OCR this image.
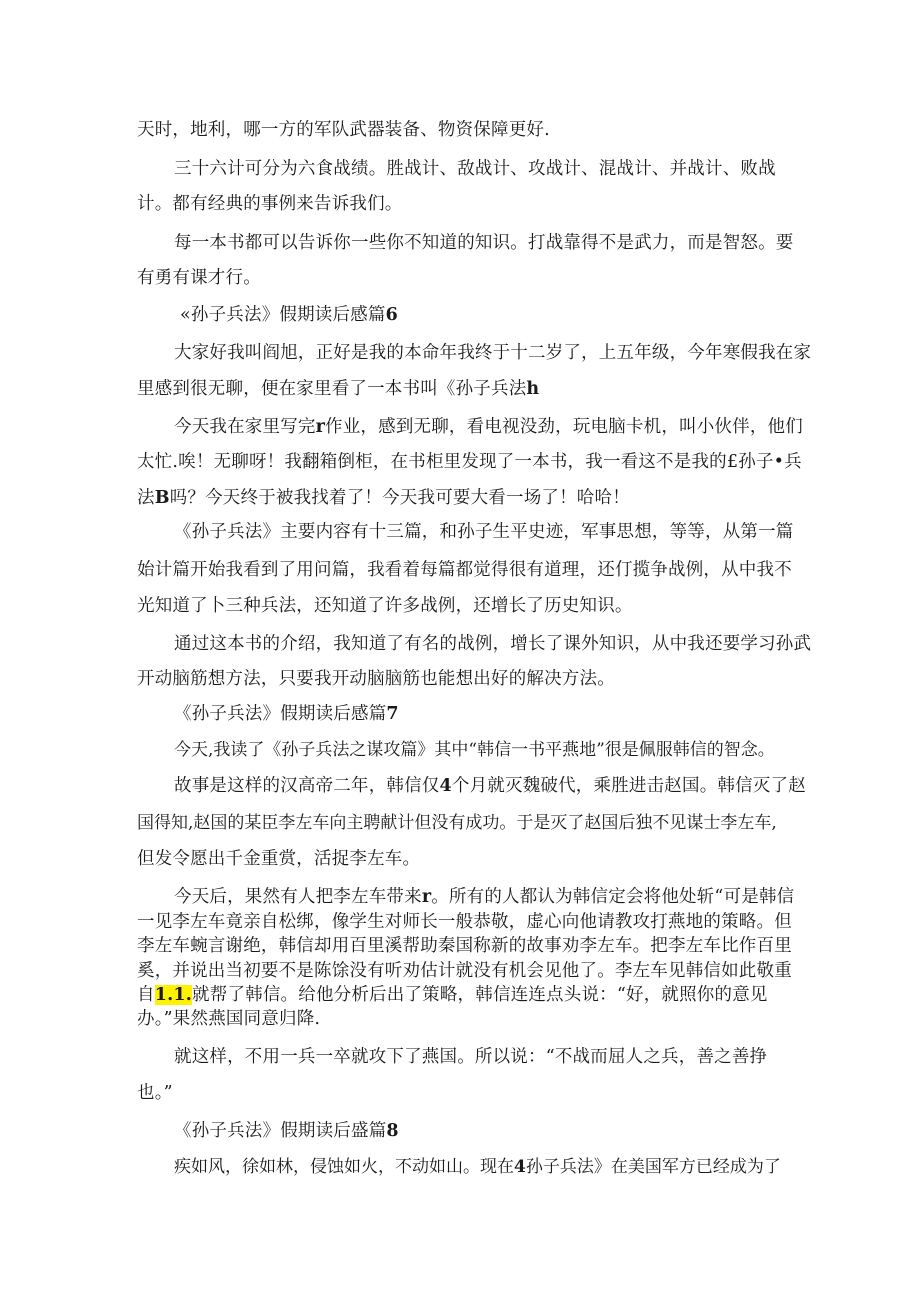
天时，地利，哪一方的军队武器装备、物资保障更好.
三十六计可分为六食战绩。胜战计、敌战计、攻战计、混战计、并战计、败战
计。都有经典的事例来告诉我们。
每一本书都可以告诉你一些你不知道的知识。打战靠得不是武力，而是智怒。要
有勇有课才行。
«孙子兵法》假期读后感篇6
大家好我叫阎旭，正好是我的本命年我终于十二岁了，上五年级，今年寒假我在家
里感到很无聊，便在家里看了一本书叫《孙子兵法h
今天我在家里写完r作业，感到无聊，看电视没劲，玩电脑卡机，叫小伙伴，他们
太忙.唉！无聊呀！我翻箱倒柜，在书柜里发现了一本书，我一看这不是我的£孙子•兵
法B吗？今天终于被我找着了！今天我可要大看一场了！哈哈！
《孙子兵法》主要内容有十三篇，和孙子生平史迹，军事思想，等等，从第一篇
始计篇开始我看到了用问篇，我看着每篇都觉得很有道理，还仃揽争战例，从中我不
光知道了卜三种兵法，还知道了许多战例，还增长了历史知识。
通过这本书的介绍，我知道了有名的战例，增长了课外知识，从中我还要学习孙武
开动脑筋想方法，只要我开动脑脑筋也能想出好的解决方法。
《孙子兵法》假期读后感篇7
今天,我读了《孙子兵法之谋攻篇》其中“韩信一书平燕地”很是佩服韩信的智念。
故事是这样的汉高帝二年，韩信仅4个月就灭魏破代，乘胜进击赵国。韩信灭了赵
国得知,赵国的某臣李左车向主聘献计但没有成功。于是灭了赵国后独不见谋士李左车,
但发令愿出千金重赏，活捉李左车。
今天后，果然有人把李左车带来r。所有的人都认为韩信定会将他处斩“可是韩信
一见李左车竟亲自松绑，像学生对师长一般恭敬，虚心向他请教攻打燕地的策略。但
李左车蜿言谢绝，韩信却用百里溪帮助秦国称新的故事劝李左车。把李左车比作百里
奚，并说出当初要不是陈馀没有听劝估计就没有机会见他了。李左车见韩信如此敬重
自1.1.就帮了韩信。给他分析后出了策略，韩信连连点头说：“好，就照你的意见
办。”果然燕国同意归降.
就这样，不用一兵一卒就攻下了燕国。所以说：“不战而屈人之兵，善之善挣
也。”
《孙子兵法》假期读后盛篇8
疾如风，徐如林，侵蚀如火，不动如山。现在4孙子兵法》在美国军方已经成为了
